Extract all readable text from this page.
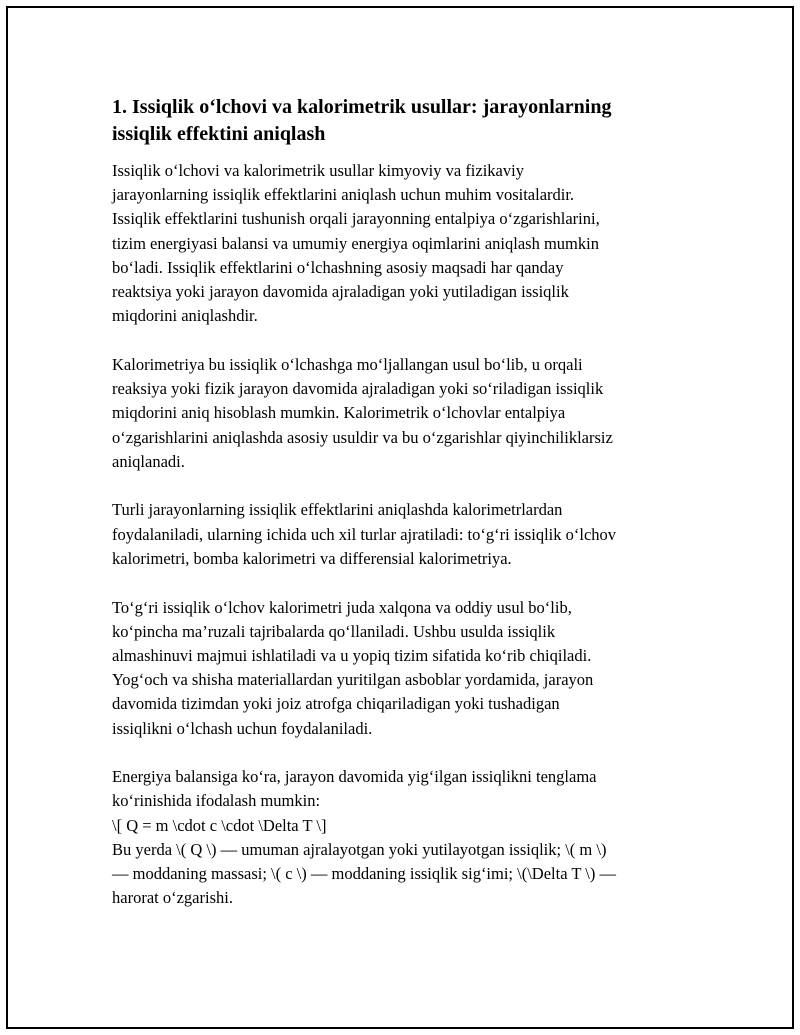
1. Issiqlik o‘lchovi va kalorimetrik usullar: jarayonlarning
issiqlik effektini aniqlash

Issiqlik o‘lchovi va kalorimetrik usullar kimyoviy va fizikaviy
jarayonlarning issiqlik effektlarini aniqlash uchun muhim vositalardir.
Issiqlik effektlarini tushunish orqali jarayonning entalpiya o‘zgarishlarini,
tizim energiyasi balansi va umumiy energiya oqimlarini aniqlash mumkin
bo‘ladi. Issiqlik effektlarini o‘lchashning asosiy maqsadi har qanday
reaktsiya yoki jarayon davomida ajraladigan yoki yutiladigan issiqlik
miqdorini aniqlashdir.

Kalorimetriya bu issiqlik o‘lchashga mo‘ljallangan usul bo‘lib, u orqali
reaksiya yoki fizik jarayon davomida ajraladigan yoki so‘riladigan issiqlik
miqdorini aniq hisoblash mumkin. Kalorimetrik o‘lchovlar entalpiya
o‘zgarishlarini aniqlashda asosiy usuldir va bu o‘zgarishlar qiyinchiliklarsiz
aniqlanadi.

Turli jarayonlarning issiqlik effektlarini aniqlashda kalorimetrlardan
foydalaniladi, ularning ichida uch xil turlar ajratiladi: to‘g‘ri issiqlik o‘lchov
kalorimetri, bomba kalorimetri va differensial kalorimetriya.

To‘g‘ri issiqlik o‘lchov kalorimetri juda xalqona va oddiy usul bo‘lib,
ko‘pincha ma’ruzali tajribalarda qo‘llaniladi. Ushbu usulda issiqlik
almashinuvi majmui ishlatiladi va u yopiq tizim sifatida ko‘rib chiqiladi.
Yog‘och va shisha materiallardan yuritilgan asboblar yordamida, jarayon
davomida tizimdan yoki joiz atrofga chiqariladigan yoki tushadigan
issiqlikni o‘lchash uchun foydalaniladi.

Energiya balansiga ko‘ra, jarayon davomida yig‘ilgan issiqlikni tenglama
ko‘rinishida ifodalash mumkin:
\[ Q = m \cdot c \cdot \Delta T \]
Bu yerda \( Q \) — umuman ajralayotgan yoki yutilayotgan issiqlik; \( m \)
— moddaning massasi; \( c \) — moddaning issiqlik sig‘imi; \(\Delta T \) —
harorat o‘zgarishi.
